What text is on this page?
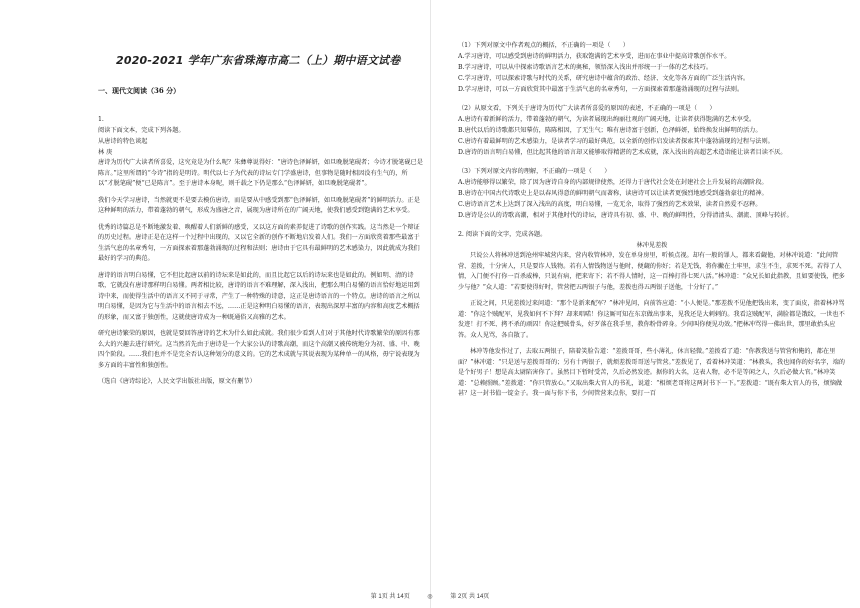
2020-2021 学年广东省珠海市高二（上）期中语文试卷
一、现代文阅读（36 分）

1.

阅读下面文本，完成下列各题。

从唐诗的特色谈起

林 庚

唐诗为历代广大读者所喜爱，这究竟是为什么呢？朱彝尊说得好：“唐诗色泽鲜妍，如旦晚脱笔砚者；今诗才脱笔砚已是陈言。”这里所谓的“今诗”指的是明诗。明代以七子为代表的诗坛专门学盛唐诗，但事物是随时相因没有生气的，所以“才脱笔砚”便“已是陈言”。至于唐诗本身呢，则千载之下仍是那么“色泽鲜妍，如旦晚脱笔砚者”。

我们今天学习唐诗，当然就更不是要去模仿唐诗，而是要从中感受到那“色泽鲜妍，如旦晚脱笔砚者”的鲜明活力。正是这种鲜明的活力，带着蓬勃的朝气，形成为盛唐之音，展现为唐诗所在的广阔天地，使我们感受到饱满的艺术享受。

优秀的诗篇总是不断地激发着、唤醒着人们新鲜的感受，又以这方面的素养促进了诗歌的创作实践。这当然是一个辩证的历史过程。唐诗正是在这样一个过程中出现的，又以它全新的创作不断地启发着人们。我们一方面欣赏着那些最富于生活气息的名章秀句，一方面探索着那蓬勃涌现的过程和法则；唐诗由于它具有最鲜明的艺术感染力，因此就成为我们最好的学习的典范。

唐诗的语言明白易懂，它不但比起唐以前的诗坛来是如此的，而且比起它以后的诗坛来也是如此的。例如明、清的诗歌，它就没有唐诗那样明白易懂。两者相比较，唐诗的语言不难理解，深入浅出，把那么明白易懂的语言恰好地运用到诗中来，而使得生活中的语言又不同于寻常，产生了一种特殊的诗意，这正是唐诗语言的一个特点。唐诗的语言之所以明白易懂，是因为它与生活中的语言相去不远，……正是这种明白易懂的语言，表现出深厚丰富的内容和高度艺术概括的形象，而又富于独创性，这就使唐诗成为一种既通俗又高雅的艺术。

研究唐诗繁荣的原因，也就是要回答唐诗的艺术为什么如此成就。我们很少看到人们对于其他时代诗歌繁荣的原因有那么大的兴趣去进行研究。这当然首先由于唐诗是一个大家公认的诗歌高潮，而这个高潮又被传统地分为初、盛、中、晚四个阶段。……我们也并不是完全否认这种划分的意义的。它的艺术成就与其说表现为某种单一的风格，毋宁说表现为多方面的丰富性和独创性。

（选自《唐诗综论》，人民文学出版社出版，原文有删节）

（1）下列对原文中作者观点的概括，不正确的一项是（　　）

A.学习唐诗，可以感受到唐诗的鲜明活力，获取饱满的艺术享受，进而在事业中提高诗歌创作水平。

B.学习唐诗，可以从中探索诗歌语言艺术的奥秘，领悟深入浅出并形统一于一体的艺术技巧。

C.学习唐诗，可以探索诗歌与时代的关系，研究唐诗中蕴含的政治、经济、文化等各方面的广泛生活内容。

D.学习唐诗，可以一方面欣赏其中最富于生活气息的名章秀句，一方面探索着那蓬勃涌现的过程与法则。

（2）从原文看，下列关于唐诗为历代广大读者所喜爱的原因的表述，不正确的一项是（　　）

A.唐诗有着新鲜的活力，带着蓬勃的朝气，为读者展现出绚丽壮观的广阔天地，让读者获得饱满的艺术享受。

B.唐代以后的诗歌都只知摹仿，陈陈相因，了无生气；唯有唐诗富于创新，色泽鲜妍，始终焕发出鲜明的活力。

C.唐诗有着最鲜明的艺术感染力，是读者学习的最好典范，以全新的创作启发读者探索其中蓬勃涌现的过程与法则。

D.唐诗的语言明白易懂，但比起其他的语言却又能够取得精湛的艺术成就，深入浅出的高超艺术造诣能让读者目读不厌。

（3）下列对原文内容的理解，不正确的一项是（　　）

A.唐诗能够得以繁荣，除了因为唐诗自身的内部规律使然，还得力于唐代社会处在封建社会上升发展的高潮阶段。

B.唐诗在中国古代诗歌史上是以春风得意的鲜明朝气而著称，读唐诗可以让读者更强烈地感受到蓬勃豪壮的精神。

C.唐诗语言艺术上达到了深入浅出的高度，明白易懂，一览无余，取得了强烈的艺术效果，读者自然爱不忍释。

D.唐诗是公认的诗歌高潮，相对于其他时代的诗坛，唐诗具有初、盛、中、晚的鲜明性，分得清清头、潮流、顶峰与转折。

2. 阅读下面的文字，完成各题。

林冲见差拨

只说公人将林冲送到沧州牢城营内来，营内收管林冲，发在单身房里，听候点视。却有一般的罪人，都来看觑他，对林冲说道：“此间管营、差拨，十分害人，只是要诈人钱物。若有人情钱物送与他时，便觑的你好；若是无钱，将你撇在土牢里，求生不生，求死不死。若得了人情，入门便不打你一百杀威棒，只说有病，把来寄下；若不得人情时，这一百棒打得七死八活。”林冲道：“众兄长如此指教，且如要使钱，把多少与他？”众人道：“若要使得好时，管营把五两银子与他，差拨也得五两银子送他，十分好了。”

正说之间，只见差拨过来问道：“那个是新来配军？”林冲见问，向前答应道：“小人便是。”那差拨不见他把钱出来，变了面皮，指着林冲骂道：“你这个贼配军，见我如何不下拜？却来唱喏！你这厮可知在东京做出事来，见我还是大剌剌的。我看这贼配军，满脸都是饿纹，一世也不发迹！打不死、拷不杀的顽囚！你这把贼骨头，好歹落在我手里，教你粉骨碎身。少间叫你便见功效。”把林冲骂得一佛出世，那里敢抬头应答。众人见骂，各自散了。

林冲等他发作过了，去取五两银子，陪着笑脸告道：“差拨哥哥，些小薄礼，休言轻微。”差拨看了道：“你教我送与管营和俺的，都在里面？”林冲道：“只是送与差拨哥哥的；另有十两银子，就烦差拨哥哥送与管营。”差拨见了，看着林冲笑道：“林教头，我也闻你的好名字，端的是个好男子！想是高太尉陷害你了。虽然目下暂时受苦，久后必然发迹。据你的大名，这表人物，必不是等闲之人，久后必做大官。”林冲笑道：“总赖照顾。”差拨道：“你只管放心。”又取出柴大官人的书礼，说道：“相烦老哥将这两封书下一下。”差拨道：“既有柴大官人的书，烦恼做甚？这一封书值一锭金子。我一面与你下书，少间管营来点你，要打一百

第 1页 共 14页	◎	第 2页 共 14页
